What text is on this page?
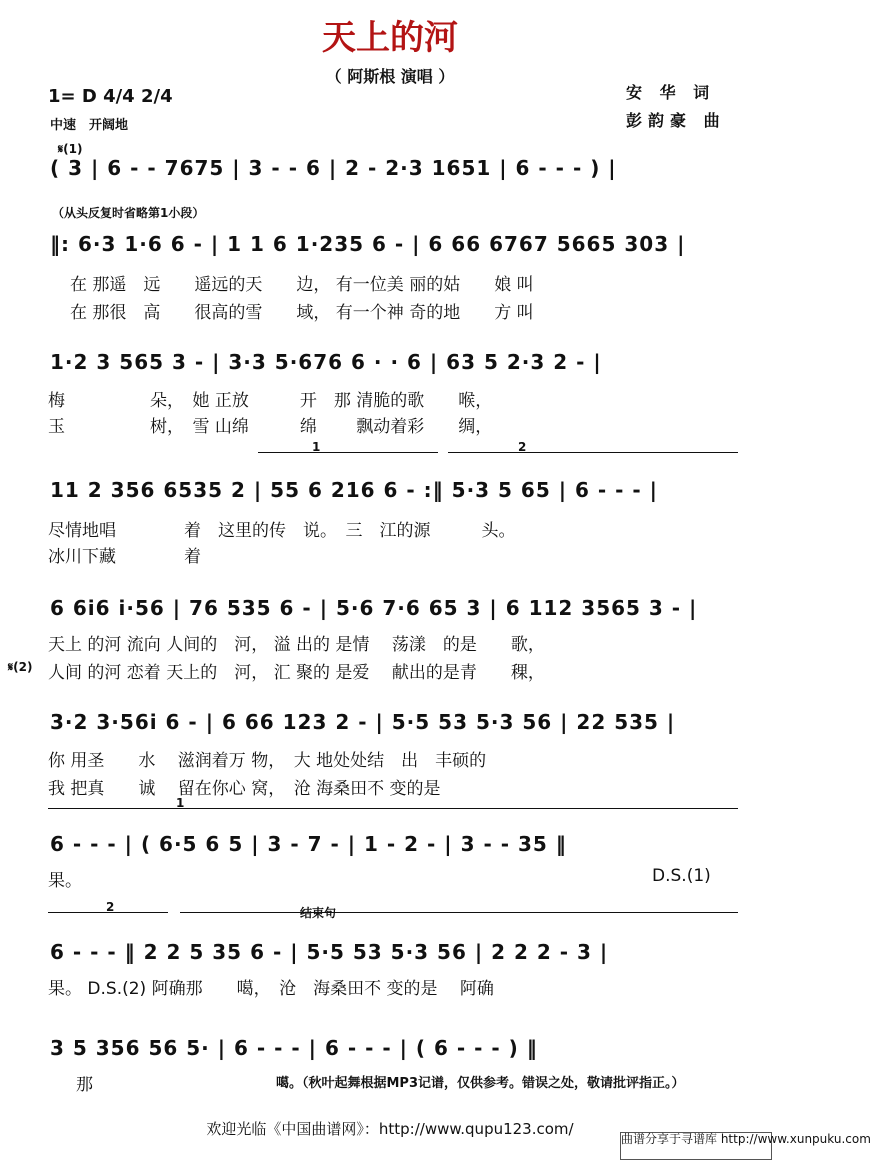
天上的河
（ 阿斯根 演唱 ）
1= D 4/4 2/4
中速　开阔地
安 华 词
彭韵豪 曲
𝄋(1)
( 3 | 6 - - 7675 | 3 - - 6 | 2 - 2·3 1651 | 6 - - - ) |
（从头反复时省略第1小段）
‖: 6·3 1·6 6 - | 1 1 6 1·235 6 - | 6 66 6767 5665 303 |
在 那遥　远　　遥远的天　　边， 有一位美 丽的姑　　娘 叫
在 那很　高　　很高的雪　　域， 有一个神 奇的地　　方 叫
1·2 3 565 3 - | 3·3 5·676 6 · · 6 | 63 5 2·3 2 - |
梅　　　　　朵，　她 正放　　　开　那 清脆的歌　　喉，
玉　　　　　树，　雪 山绵　　　绵　　 飘动着彩　　绸，
1	2
11 2 356 6535 2 | 55 6 216 6 - :‖ 5·3 5 65 | 6 - - - |
尽情地唱　　　　着　这里的传　说。　三　江的源　　　头。
冰川下藏　　　　着
6 6i6 i·56 | 76 535 6 - | 5·6 7·6 65 3 | 6 112 3565 3 - |
天上 的河 流向 人间的　河， 溢 出的 是情　 荡漾　的是　　歌，
𝄋(2) 人间 的河 恋着 天上的　河， 汇 聚的 是爱　 献出的是青　　稞，
3·2 3·56i 6 - | 6 66 123 2 - | 5·5 53 5·3 56 | 22 535 |
你 用圣　　水　 滋润着万 物，　大 地处处结　出　丰硕的
我 把真　　诚　 留在你心 窝，　沧 海桑田不 变的是
1
6 - - - | ( 6·5 6 5 | 3 - 7 - | 1 - 2 - | 3 - - 35 ‖
果。	D.S.(1)
2	结束句
6 - - - ‖ 2 2 5 35 6 - | 5·5 53 5·3 56 | 2 2 2 - 3 |
果。 D.S.(2) 阿确那　　噶，　沧　海桑田不 变的是　 阿确
3 5 356 56 5· | 6 - - - | 6 - - - | ( 6 - - - ) ‖
那	噶。（秋叶起舞根据MP3记谱，仅供参考。错误之处，敬请批评指正。）
欢迎光临《中国曲谱网》：http://www.qupu123.com/
曲谱分享于寻谱库 http://www.xunpuku.com
